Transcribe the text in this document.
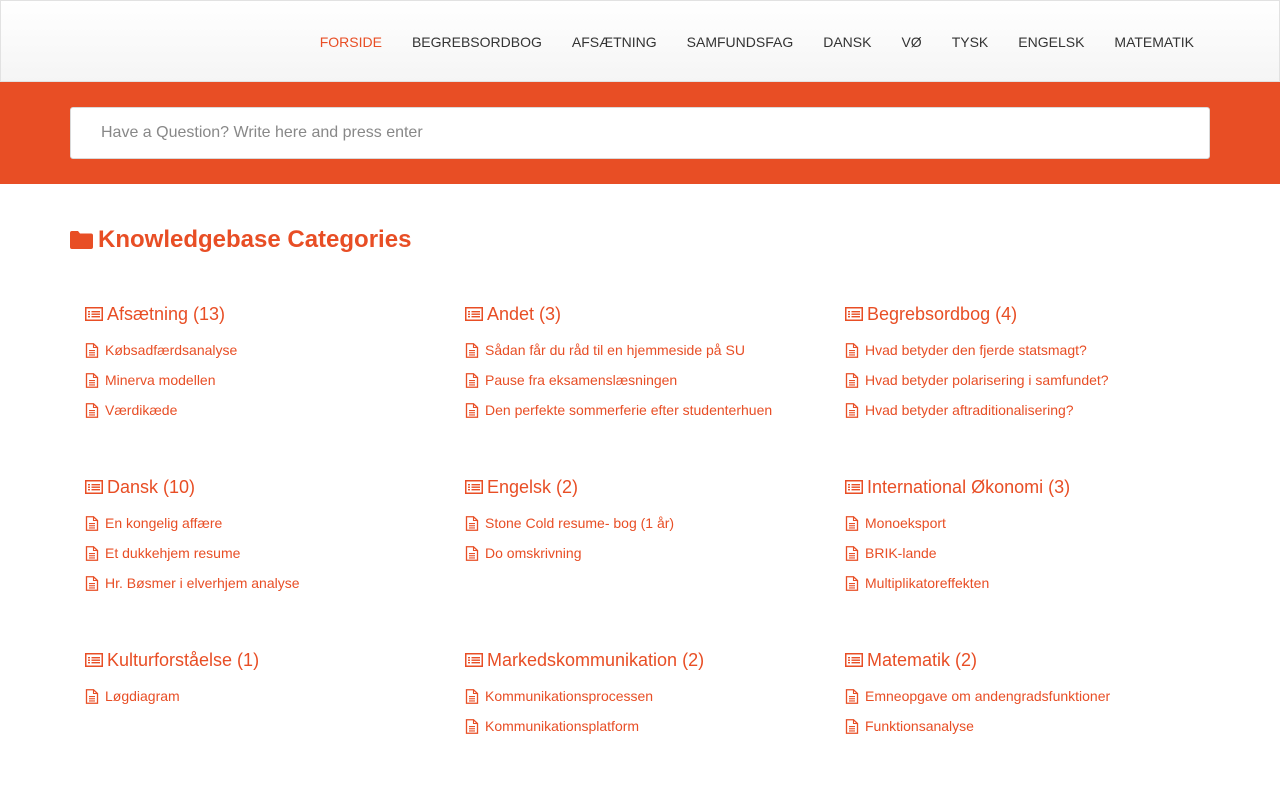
FORSIDE	BEGREBSORDBOG	AFSÆTNING	SAMFUNDSFAG	DANSK	VØ	TYSK	ENGELSK	MATEMATIK
Have a Question? Write here and press enter
Knowledgebase Categories
Afsætning (13)
Købsadfærdsanalyse
Minerva modellen
Værdikæde
Andet (3)
Sådan får du råd til en hjemmeside på SU
Pause fra eksamenslæsningen
Den perfekte sommerferie efter studenterhuen
Begrebsordbog (4)
Hvad betyder den fjerde statsmagt?
Hvad betyder polarisering i samfundet?
Hvad betyder aftraditionalisering?
Dansk (10)
En kongelig affære
Et dukkehjem resume
Hr. Bøsmer i elverhjem analyse
Engelsk (2)
Stone Cold resume- bog (1 år)
Do omskrivning
International Økonomi (3)
Monoeksport
BRIK-lande
Multiplikatoreffekten
Kulturforståelse (1)
Løgdiagram
Markedskommunikation (2)
Kommunikationsprocessen
Kommunikationsplatform
Matematik (2)
Emneopgave om andengradsfunktioner
Funktionsanalyse
